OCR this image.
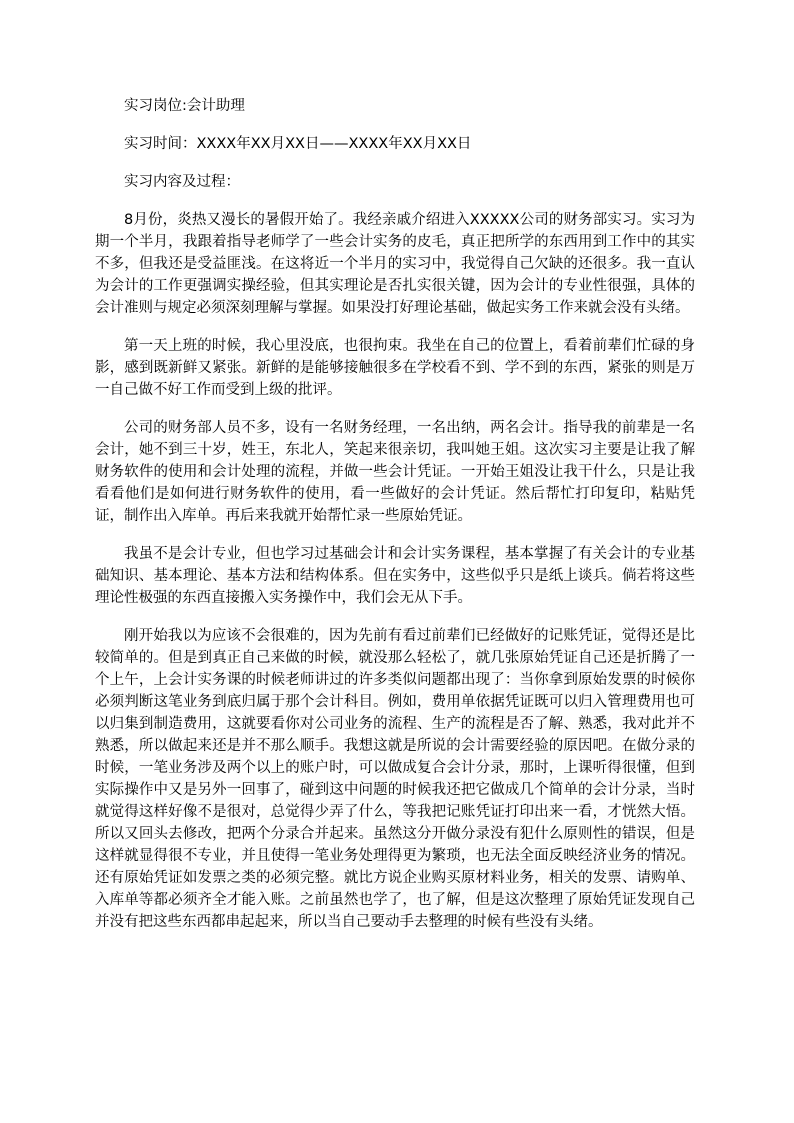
实习岗位:会计助理

实习时间：XXXX年XX月XX日——XXXX年XX月XX日

实习内容及过程：

8月份，炎热又漫长的暑假开始了。我经亲戚介绍进入XXXXX公司的财务部实习。实习为期一个半月，我跟着指导老师学了一些会计实务的皮毛，真正把所学的东西用到工作中的其实不多，但我还是受益匪浅。在这将近一个半月的实习中，我觉得自己欠缺的还很多。我一直认为会计的工作更强调实操经验，但其实理论是否扎实很关键，因为会计的专业性很强，具体的会计准则与规定必须深刻理解与掌握。如果没打好理论基础，做起实务工作来就会没有头绪。

第一天上班的时候，我心里没底，也很拘束。我坐在自己的位置上，看着前辈们忙碌的身影，感到既新鲜又紧张。新鲜的是能够接触很多在学校看不到、学不到的东西，紧张的则是万一自己做不好工作而受到上级的批评。

公司的财务部人员不多，设有一名财务经理，一名出纳，两名会计。指导我的前辈是一名会计，她不到三十岁，姓王，东北人，笑起来很亲切，我叫她王姐。这次实习主要是让我了解财务软件的使用和会计处理的流程，并做一些会计凭证。一开始王姐没让我干什么，只是让我看看他们是如何进行财务软件的使用，看一些做好的会计凭证。然后帮忙打印复印，粘贴凭证，制作出入库单。再后来我就开始帮忙录一些原始凭证。

我虽不是会计专业，但也学习过基础会计和会计实务课程，基本掌握了有关会计的专业基础知识、基本理论、基本方法和结构体系。但在实务中，这些似乎只是纸上谈兵。倘若将这些理论性极强的东西直接搬入实务操作中，我们会无从下手。

刚开始我以为应该不会很难的，因为先前有看过前辈们已经做好的记账凭证，觉得还是比较简单的。但是到真正自己来做的时候，就没那么轻松了，就几张原始凭证自己还是折腾了一个上午，上会计实务课的时候老师讲过的许多类似问题都出现了：当你拿到原始发票的时候你必须判断这笔业务到底归属于那个会计科目。例如，费用单依据凭证既可以归入管理费用也可以归集到制造费用，这就要看你对公司业务的流程、生产的流程是否了解、熟悉，我对此并不熟悉，所以做起来还是并不那么顺手。我想这就是所说的会计需要经验的原因吧。在做分录的时候，一笔业务涉及两个以上的账户时，可以做成复合会计分录，那时，上课听得很懂，但到实际操作中又是另外一回事了，碰到这中问题的时候我还把它做成几个简单的会计分录，当时就觉得这样好像不是很对，总觉得少弄了什么，等我把记账凭证打印出来一看，才恍然大悟。所以又回头去修改，把两个分录合并起来。虽然这分开做分录没有犯什么原则性的错误，但是这样就显得很不专业，并且使得一笔业务处理得更为繁琐，也无法全面反映经济业务的情况。还有原始凭证如发票之类的必须完整。就比方说企业购买原材料业务，相关的发票、请购单、入库单等都必须齐全才能入账。之前虽然也学了，也了解，但是这次整理了原始凭证发现自己并没有把这些东西都串起起来，所以当自己要动手去整理的时候有些没有头绪。
